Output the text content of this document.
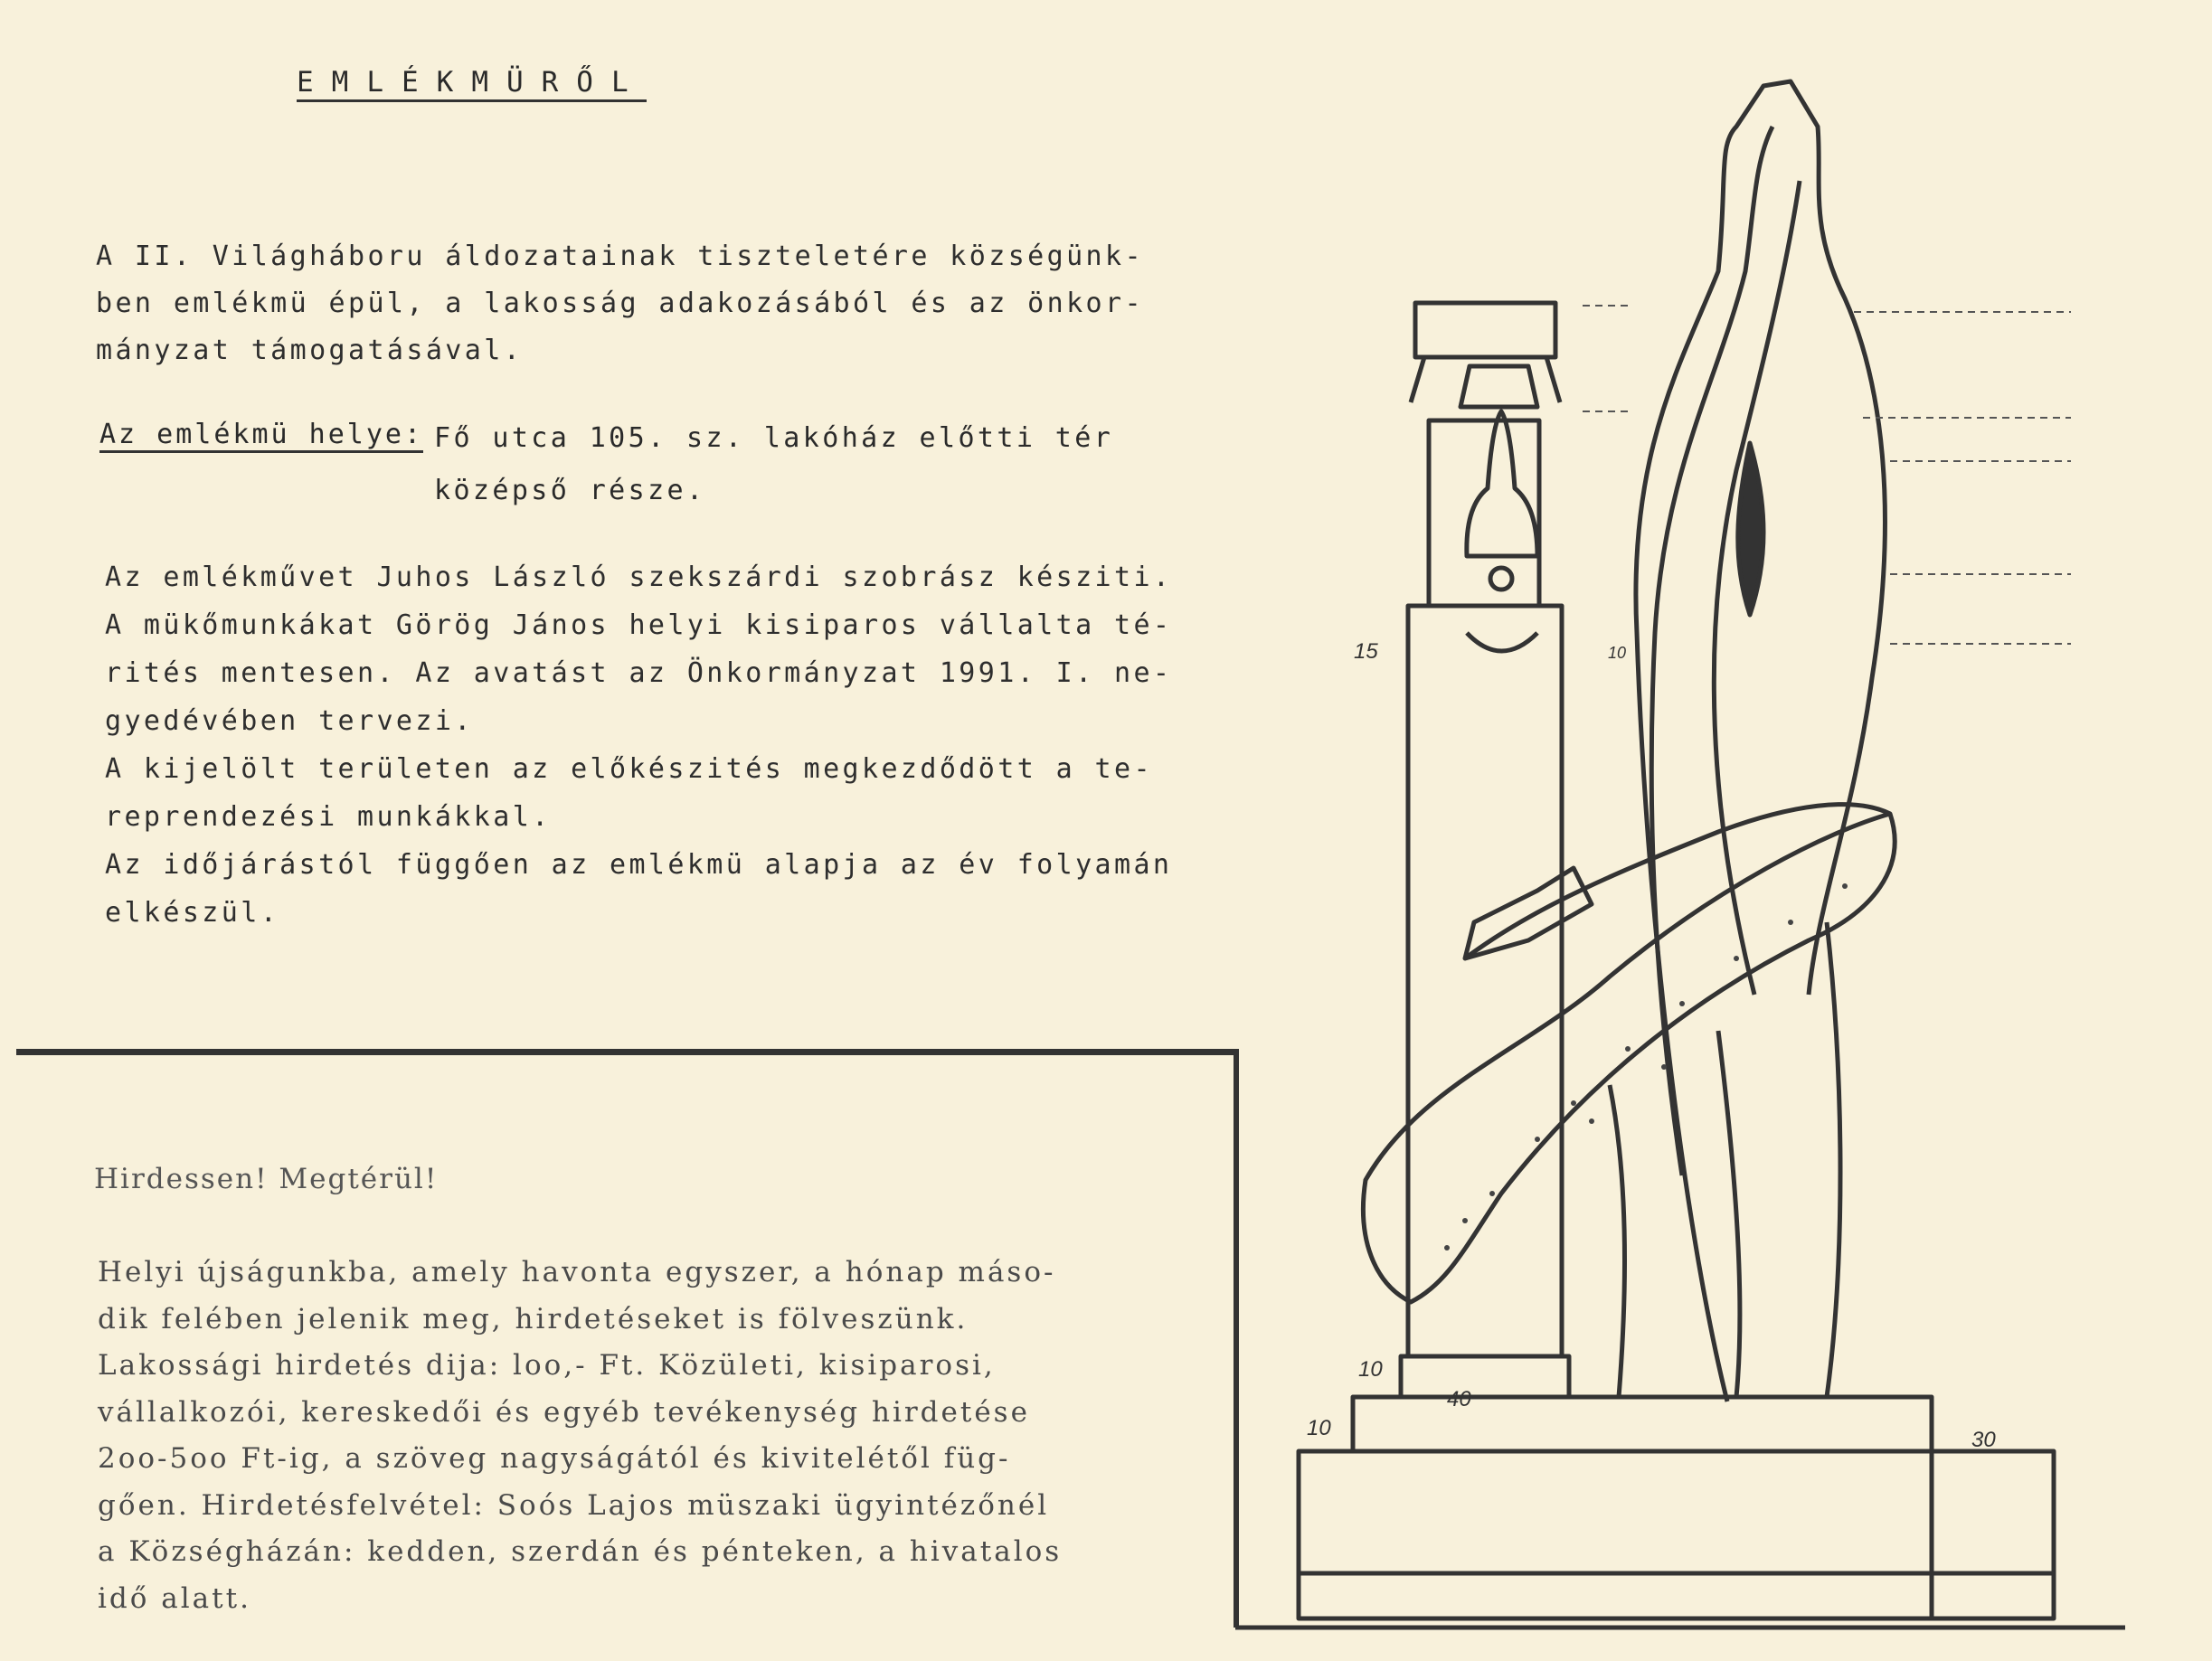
EMLÉKMÜRŐL
A II. Világháboru áldozatainak tiszteletére községünk-
ben emlékmü épül, a lakosság adakozásából és az önkor-
mányzat támogatásával.
Az emlékmü helye: Fő utca 105. sz. lakóház előtti tér
középső része.
Az emlékművet Juhos László szekszárdi szobrász késziti.
A mükőmunkákat Görög János helyi kisiparos vállalta té-
rités mentesen. Az avatást az Önkormányzat 1991. I. ne-
gyedévében tervezi.
A kijelölt területen az előkészités megkezdődött a te-
reprendezési munkákkal.
Az időjárástól függően az emlékmü alapja az év folyamán
elkészül.
Hirdessen! Megtérül!
Helyi újságunkba, amely havonta egyszer, a hónap máso-
dik felében jelenik meg, hirdetéseket is fölveszünk.
Lakossági hirdetés dija: loo,- Ft. Közületi, kisiparosi,
vállalkozói, kereskedői és egyéb tevékenység hirdetése
2oo-5oo Ft-ig, a szöveg nagyságától és kivitelétől füg-
gően. Hirdetésfelvétel: Soós Lajos müszaki ügyintézőnél
a Községházán: kedden, szerdán és pénteken, a hivatalos
idő alatt.
15	10
10
40
10	30
